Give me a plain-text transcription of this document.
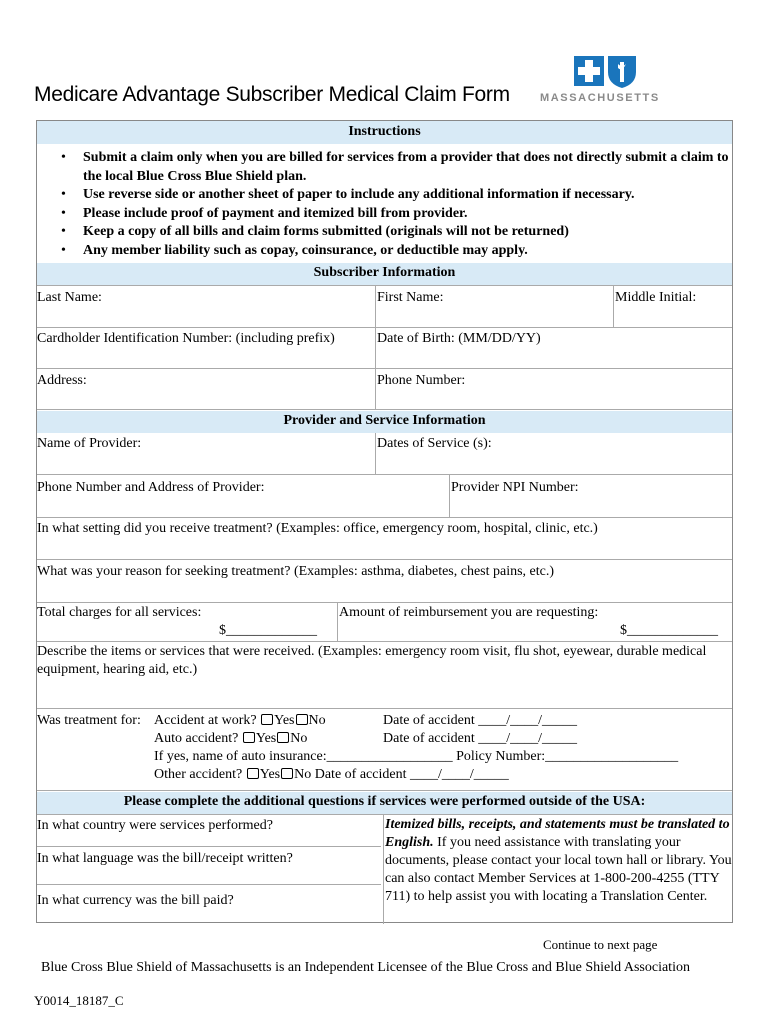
Medicare Advantage Subscriber Medical Claim Form	MASSACHUSETTS
Instructions
• Submit a claim only when you are billed for services from a provider that does not directly submit a claim to the local Blue Cross Blue Shield plan.
• Use reverse side or another sheet of paper to include any additional information if necessary.
• Please include proof of payment and itemized bill from provider.
• Keep a copy of all bills and claim forms submitted (originals will not be returned)
• Any member liability such as copay, coinsurance, or deductible may apply.
Subscriber Information
Last Name:	First Name:	Middle Initial:
Cardholder Identification Number: (including prefix)	Date of Birth: (MM/DD/YY)
Address:	Phone Number:
Provider and Service Information
Name of Provider:	Dates of Service (s):
Phone Number and Address of Provider:	Provider NPI Number:
In what setting did you receive treatment? (Examples: office, emergency room, hospital, clinic, etc.)
What was your reason for seeking treatment? (Examples: asthma, diabetes, chest pains, etc.)
Total charges for all services:
$_____________
Amount of reimbursement you are requesting:
$_____________
Describe the items or services that were received. (Examples: emergency room visit, flu shot, eyewear, durable medical equipment, hearing aid, etc.)
Was treatment for: Accident at work? Yes No	Date of accident ____/____/_____
Auto accident? Yes No	Date of accident ____/____/_____
If yes, name of auto insurance:__________________ Policy Number:___________________
Other accident? Yes No Date of accident ____/____/_____
Please complete the additional questions if services were performed outside of the USA:
In what country were services performed?
In what language was the bill/receipt written?
In what currency was the bill paid?
Itemized bills, receipts, and statements must be translated to English. If you need assistance with translating your documents, please contact your local town hall or library. You can also contact Member Services at 1-800-200-4255 (TTY 711) to help assist you with locating a Translation Center.
Continue to next page
Blue Cross Blue Shield of Massachusetts is an Independent Licensee of the Blue Cross and Blue Shield Association
Y0014_18187_C
